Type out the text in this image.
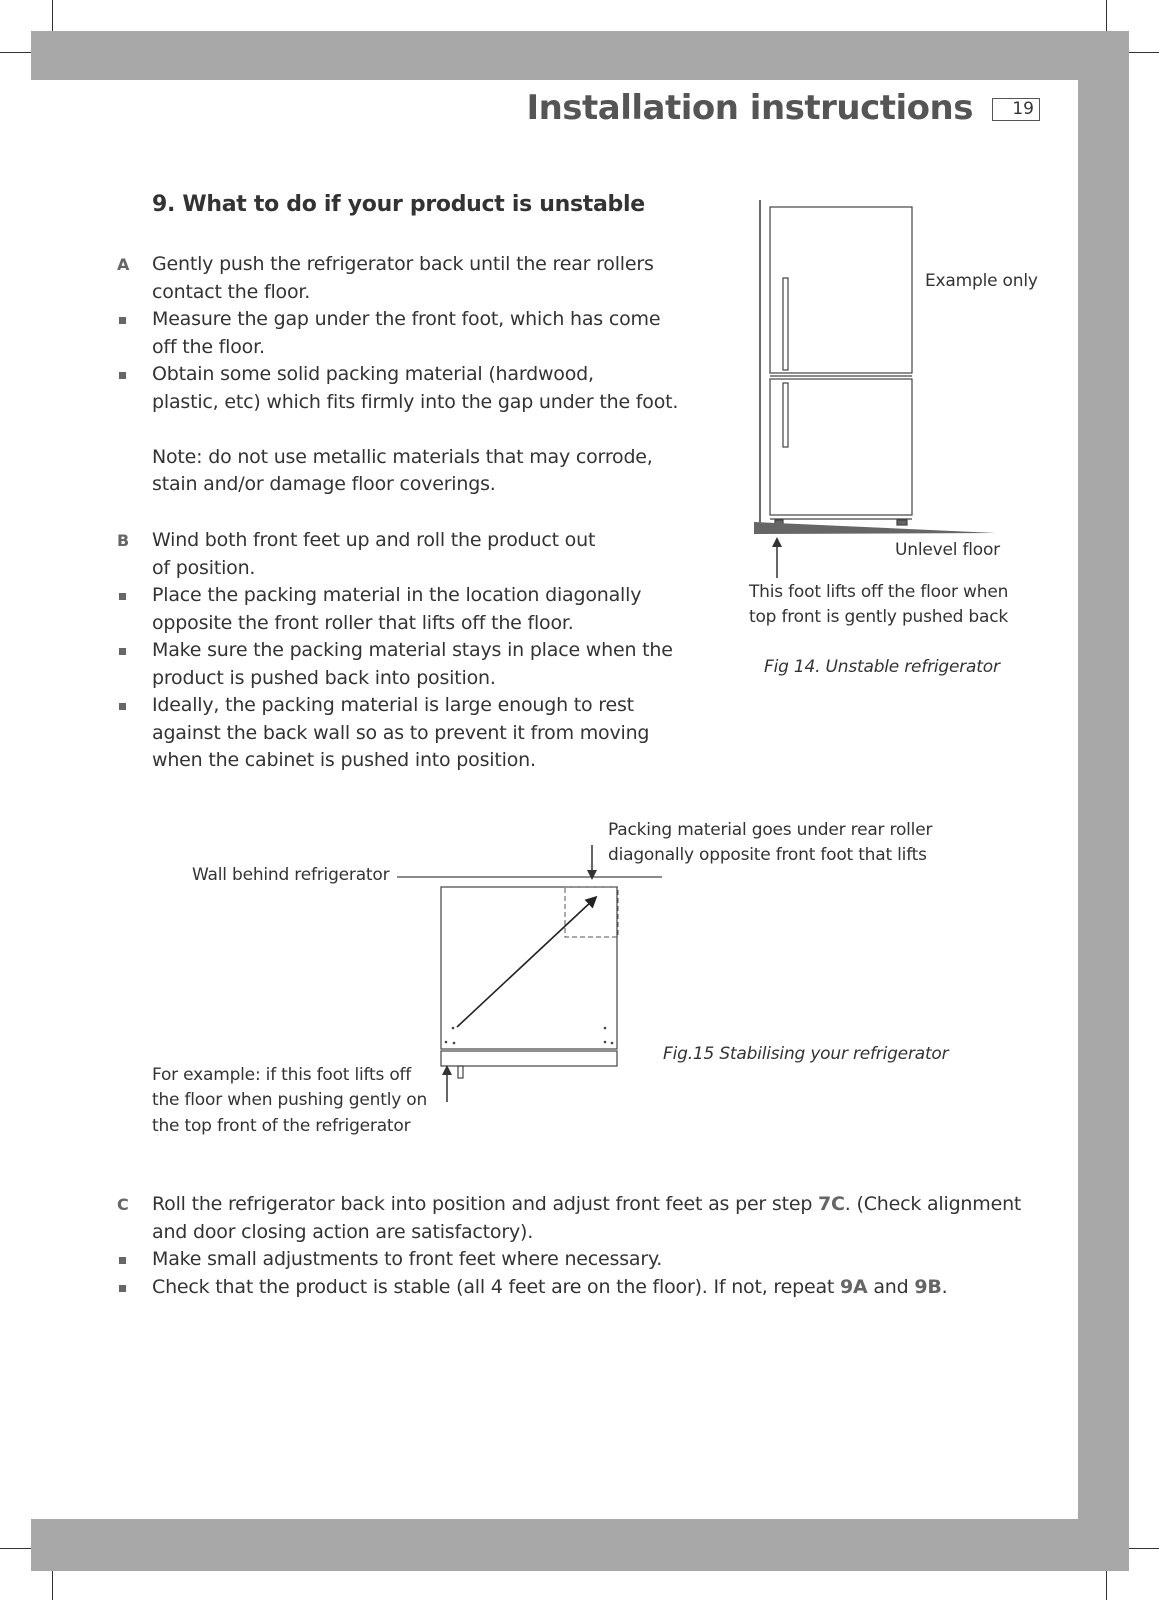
Installation instructions	19
9. What to do if your product is unstable

A	Gently push the refrigerator back until the rear rollers

contact the floor.

Measure the gap under the front foot, which has come

off the floor.

Obtain some solid packing material (hardwood,

plastic, etc) which fits firmly into the gap under the foot.

Note: do not use metallic materials that may corrode,

stain and/or damage floor coverings.

B	Wind both front feet up and roll the product out

of position.

Place the packing material in the location diagonally

opposite the front roller that lifts off the floor.

Make sure the packing material stays in place when the

product is pushed back into position.

Ideally, the packing material is large enough to rest

against the back wall so as to prevent it from moving

when the cabinet is pushed into position.

C	Roll the refrigerator back into position and adjust front feet as per step 7C. (Check alignment

and door closing action are satisfactory).

Make small adjustments to front feet where necessary.

Check that the product is stable (all 4 feet are on the floor). If not, repeat 9A and 9B.

Example only
Unlevel floor
This foot lifts off the floor when
top front is gently pushed back
Fig 14. Unstable refrigerator
Packing material goes under rear roller
diagonally opposite front foot that lifts
Wall behind refrigerator
For example: if this foot lifts off
the floor when pushing gently on
the top front of the refrigerator
Fig.15 Stabilising your refrigerator
